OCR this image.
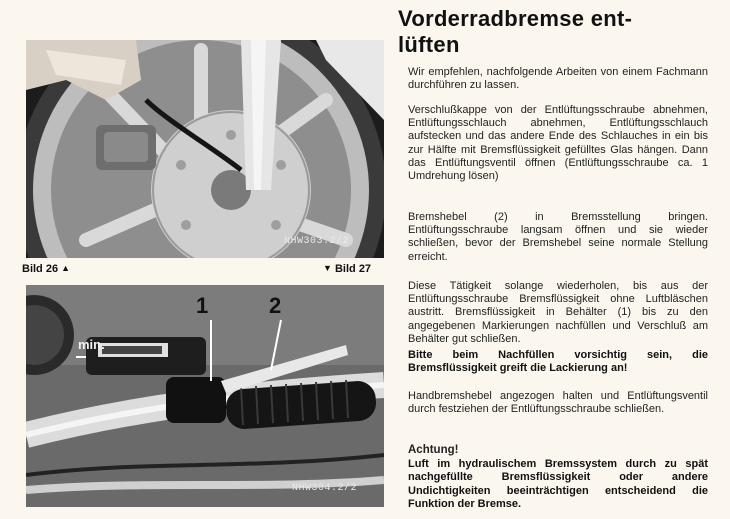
NHW303.2/2
1	2
min.
NHW304.2/2
Bild 26 ▲	▼ Bild 27
Vorderradbremse ent-
lüften

Wir empfehlen, nachfolgende Arbeiten von einem Fachmann durchführen zu lassen.

Verschlußkappe von der Entlüftungsschraube abnehmen, Entlüftungsschlauch abnehmen, Entlüftungsschlauch aufstecken und das andere Ende des Schlauches in ein bis zur Hälfte mit Bremsflüssigkeit gefülltes Glas hängen. Dann das Entlüftungsventil öffnen (Entlüftungsschraube ca. 1 Umdrehung lösen)

Bremshebel (2) in Bremsstellung bringen. Entlüftungsschraube langsam öffnen und sie wieder schließen, bevor der Bremshebel seine normale Stellung erreicht.

Diese Tätigkeit solange wiederholen, bis aus der Entlüftungsschraube Bremsflüssigkeit ohne Luftbläschen austritt. Bremsflüssigkeit in Behälter (1) bis zu den angegebenen Markierungen nachfüllen und Verschluß am Behälter gut schließen.

Bitte beim Nachfüllen vorsichtig sein, die Bremsflüssigkeit greift die Lackierung an!

Handbremshebel angezogen halten und Entlüftungsventil durch festziehen der Entlüftungsschraube schließen.

Achtung!
Luft im hydraulischem Bremssystem durch zu spät nachgefüllte Bremsflüssigkeit oder andere Undichtigkeiten beeinträchtigen entscheidend die Funktion der Bremse.
